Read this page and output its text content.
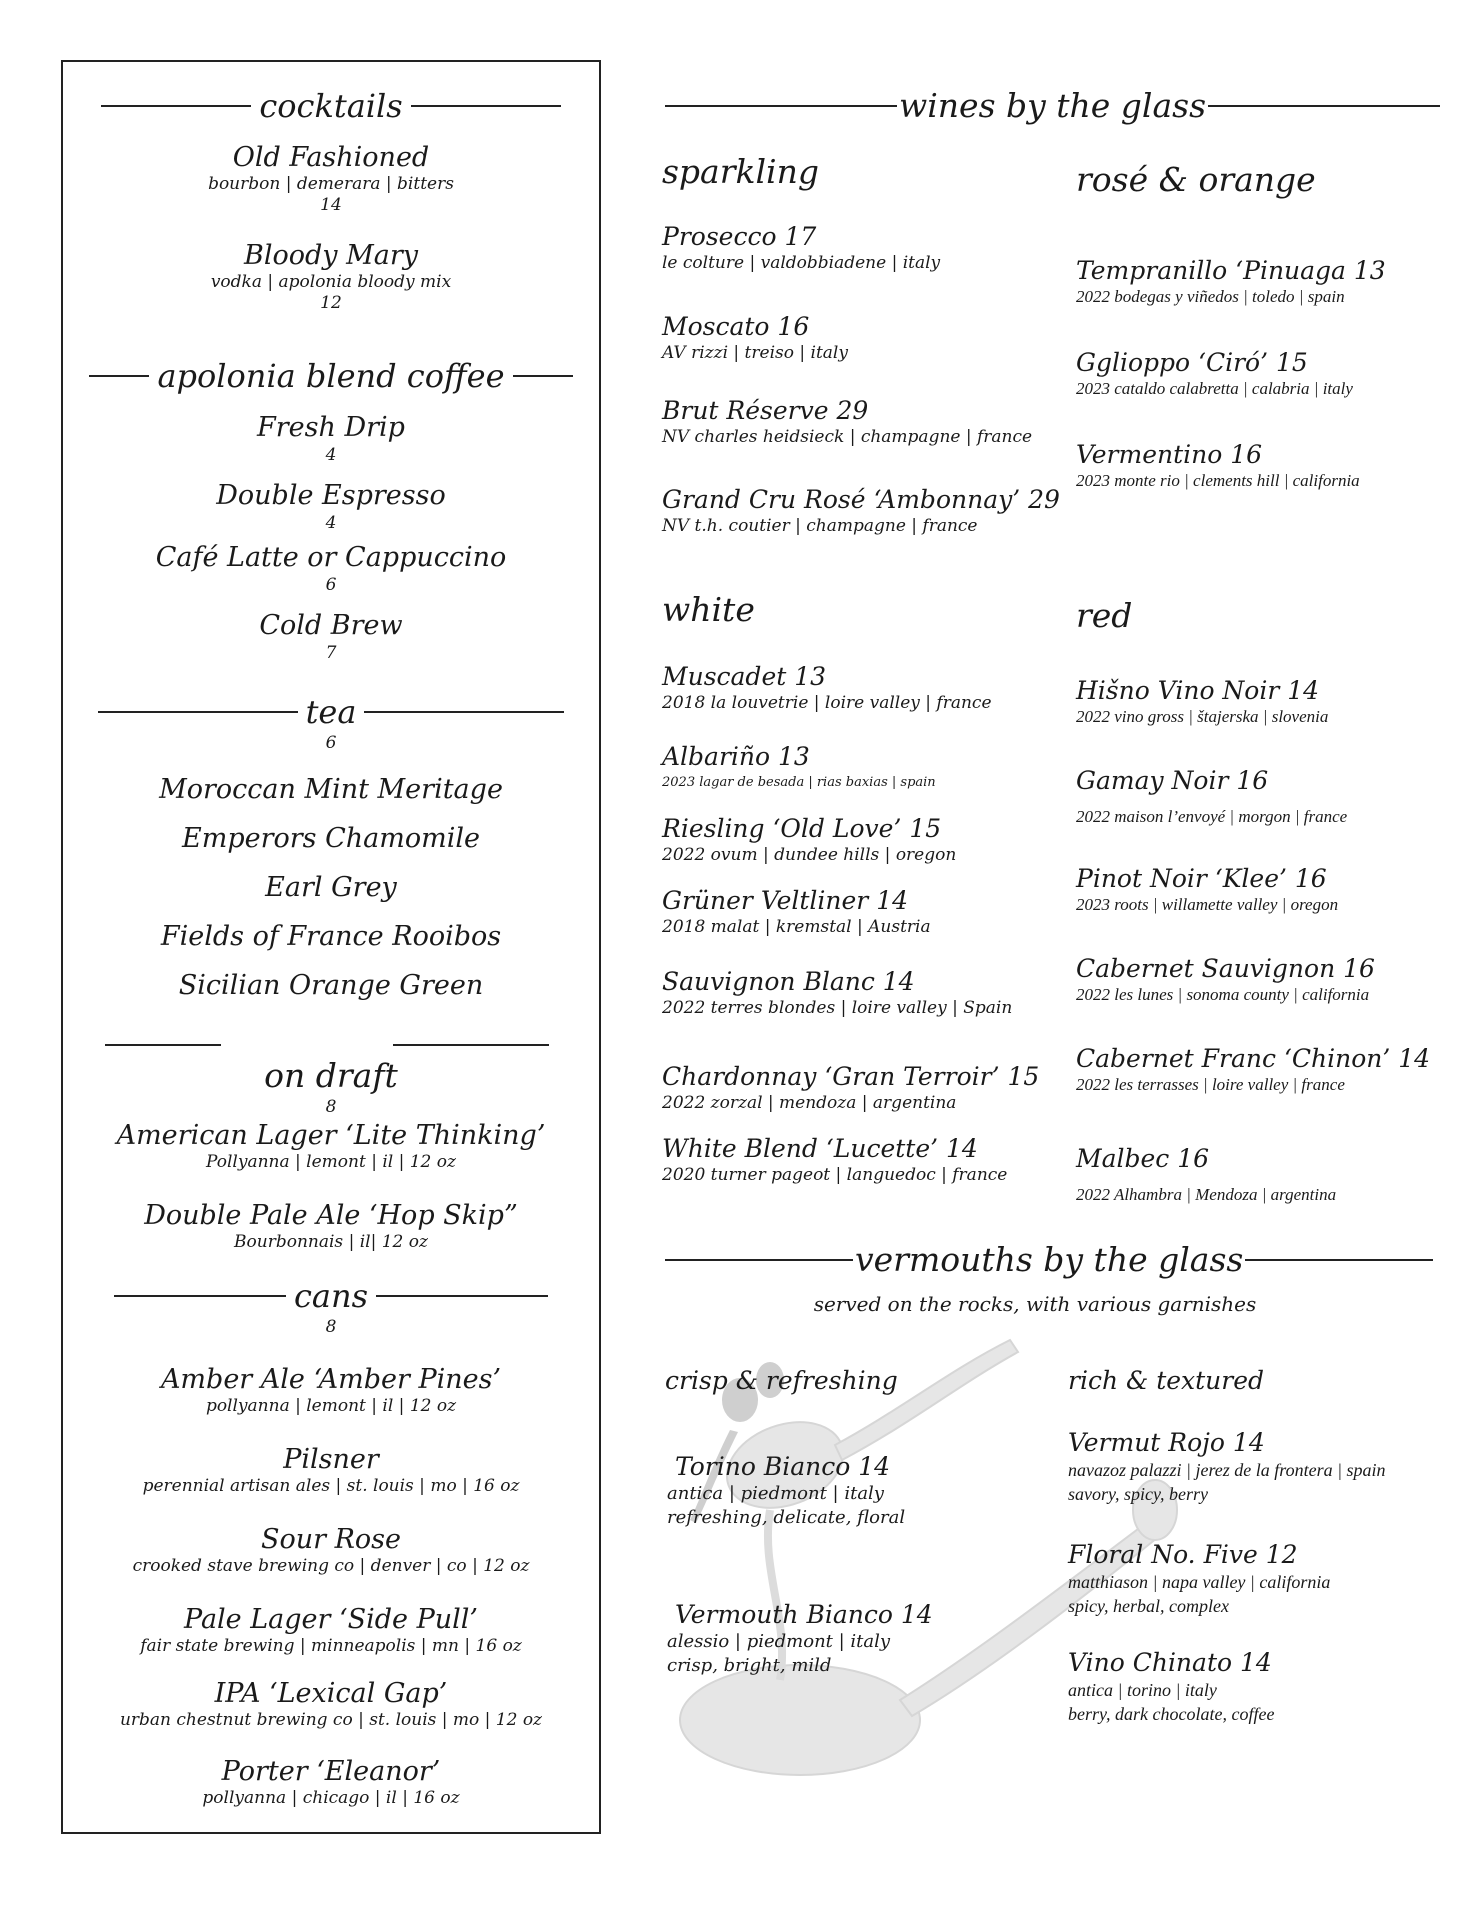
cocktails
Old Fashioned
bourbon | demerara | bitters
14
Bloody Mary
vodka | apolonia bloody mix
12
apolonia blend coffee
Fresh Drip
4
Double Espresso
4
Café Latte or Cappuccino
6
Cold Brew
7
tea
6
Moroccan Mint Meritage
Emperors Chamomile
Earl Grey
Fields of France Rooibos
Sicilian Orange Green
on draft
8
American Lager ‘Lite Thinking’
Pollyanna | lemont | il | 12 oz
Double Pale Ale ‘Hop Skip”
Bourbonnais | il| 12 oz
cans
8
Amber Ale ‘Amber Pines’
pollyanna | lemont | il | 12 oz
Pilsner
perennial artisan ales | st. louis | mo | 16 oz
Sour Rose
crooked stave brewing co | denver | co | 12 oz
Pale Lager ‘Side Pull’
fair state brewing | minneapolis | mn | 16 oz
IPA ‘Lexical Gap’
urban chestnut brewing co | st. louis | mo | 12 oz
Porter ‘Eleanor’
pollyanna | chicago | il | 16 oz
wines by the glass
sparkling
Prosecco 17
le colture | valdobbiadene | italy
Moscato 16
AV rizzi | treiso | italy
Brut Réserve 29
NV charles heidsieck | champagne | france
Grand Cru Rosé ‘Ambonnay’ 29
NV t.h. coutier | champagne | france
rosé & orange
Tempranillo ‘Pinuaga 13
2022 bodegas y viñedos | toledo | spain
Gglioppo ‘Ciró’ 15
2023 cataldo calabretta | calabria | italy
Vermentino 16
2023 monte rio | clements hill | california
white
Muscadet 13
2018 la louvetrie | loire valley | france
Albariño 13
2023 lagar de besada | rias baxias | spain
Riesling ‘Old Love’ 15
2022 ovum | dundee hills | oregon
Grüner Veltliner 14
2018 malat | kremstal | Austria
Sauvignon Blanc 14
2022 terres blondes | loire valley | Spain
Chardonnay ‘Gran Terroir’ 15
2022 zorzal | mendoza | argentina
White Blend ‘Lucette’ 14
2020 turner pageot | languedoc | france
red
Hišno Vino Noir 14
2022 vino gross | štajerska | slovenia
Gamay Noir 16
2022 maison l’envoyé | morgon | france
Pinot Noir ‘Klee’ 16
2023 roots | willamette valley | oregon
Cabernet Sauvignon 16
2022 les lunes | sonoma county | california
Cabernet Franc ‘Chinon’ 14
2022 les terrasses | loire valley | france
Malbec 16
2022 Alhambra | Mendoza | argentina
vermouths by the glass
served on the rocks, with various garnishes
crisp & refreshing
Torino Bianco 14
antica | piedmont | italy
refreshing, delicate, floral
Vermouth Bianco 14
alessio | piedmont | italy
crisp, bright, mild
rich & textured
Vermut Rojo 14
navazoz palazzi | jerez de la frontera | spain
savory, spicy, berry
Floral No. Five 12
matthiason | napa valley | california
spicy, herbal, complex
Vino Chinato 14
antica | torino | italy
berry, dark chocolate, coffee
